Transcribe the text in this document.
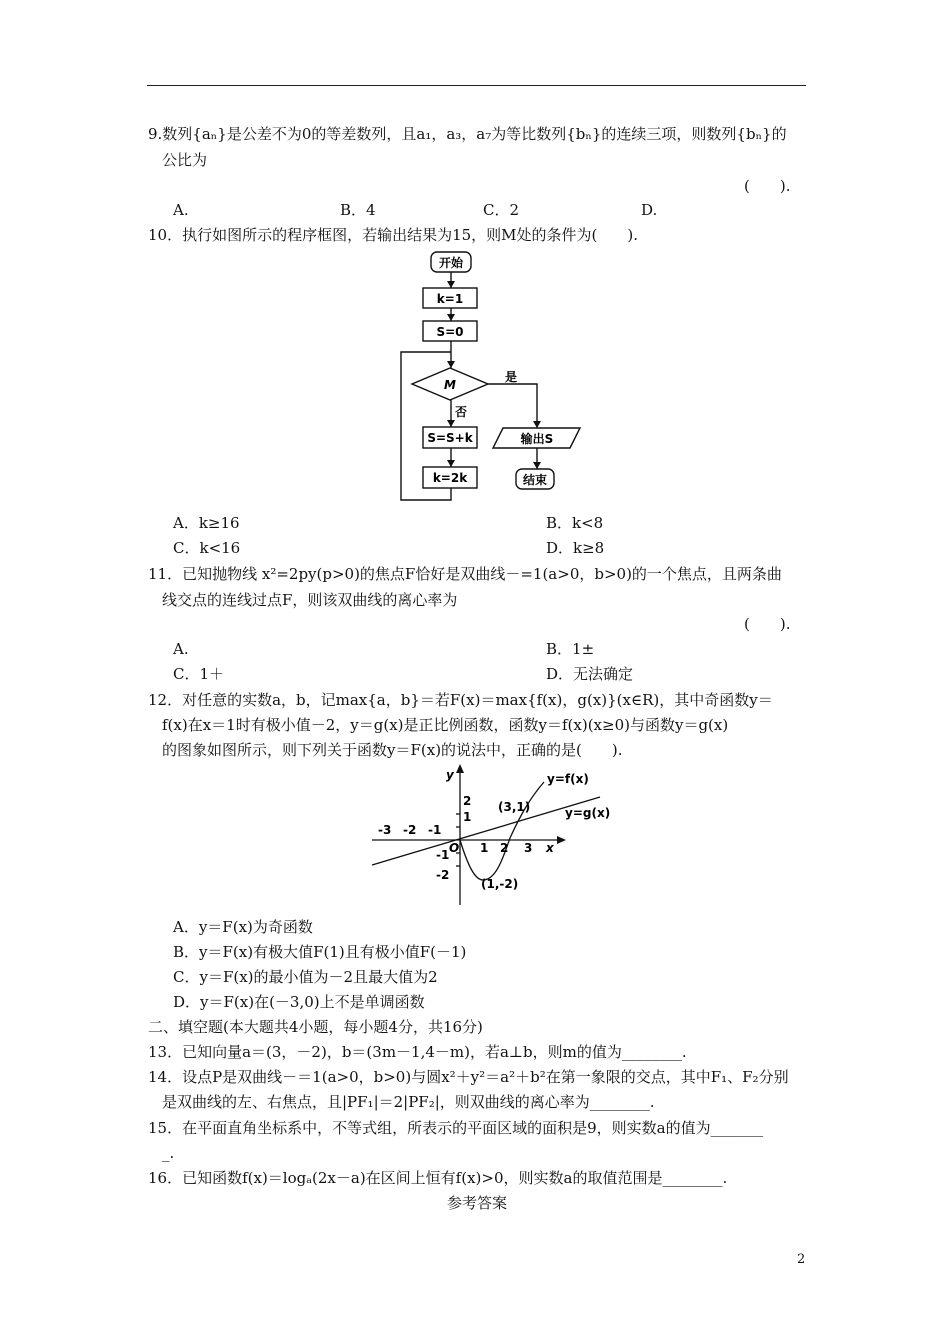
9.数列{aₙ}是公差不为0的等差数列，且a₁，a₃，a₇为等比数列{bₙ}的连续三项，则数列{bₙ}的
公比为
(　　).
A.	B．4	C．2	D.
10．执行如图所示的程序框图，若输出结果为15，则M处的条件为(　　).
开始
k=1
S=0
M
是
否
S=S+k
k=2k
输出S
结束
A．k≥16	B．k<8
C．k<16	D．k≥8
11．已知抛物线 x²=2py(p>0)的焦点F恰好是双曲线－=1(a>0，b>0)的一个焦点，且两条曲
线交点的连线过点F，则该双曲线的离心率为
(　　).
A.	B．1±
C．1＋	D．无法确定
12．对任意的实数a，b，记max{a，b}＝若F(x)＝max{f(x)，g(x)}(x∈R)，其中奇函数y＝
f(x)在x＝1时有极小值－2，y＝g(x)是正比例函数，函数y＝f(x)(x≥0)与函数y＝g(x)
的图象如图所示，则下列关于函数y＝F(x)的说法中，正确的是(　　).
y
x
O
2
1
-1
-2
-3 -2 -1
1 2 3
y=f(x)
y=g(x)
(3,1)
(1,-2)
A．y＝F(x)为奇函数
B．y＝F(x)有极大值F(1)且有极小值F(－1)
C．y＝F(x)的最小值为－2且最大值为2
D．y＝F(x)在(－3,0)上不是单调函数
二、填空题(本大题共4小题，每小题4分，共16分)
13．已知向量a＝(3，－2)，b＝(3m－1,4－m)，若a⊥b，则m的值为________.
14．设点P是双曲线－＝1(a>0，b>0)与圆x²＋y²＝a²＋b²在第一象限的交点，其中F₁、F₂分别
是双曲线的左、右焦点，且|PF₁|＝2|PF₂|，则双曲线的离心率为________.
15．在平面直角坐标系中，不等式组，所表示的平面区域的面积是9，则实数a的值为_______
_.
16．已知函数f(x)＝logₐ(2x－a)在区间上恒有f(x)>0，则实数a的取值范围是________.
参考答案
2
